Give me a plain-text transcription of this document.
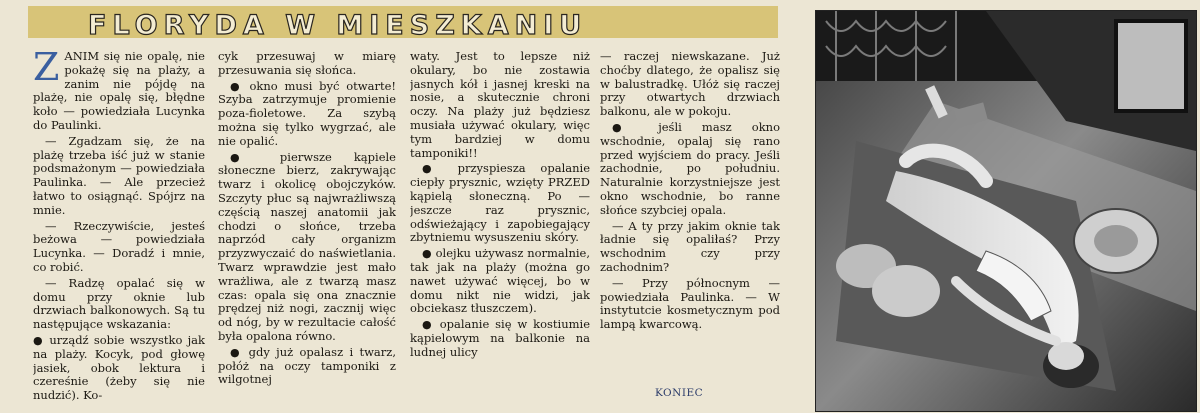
FLORYDA W MIESZKANIU

ZANIM się nie opalę, nie pokażę się na plaży, a zanim nie pójdę na plażę, nie opalę się, błędne koło — powiedziała Lucynka do Paulinki.

— Zgadzam się, że na plażę trzeba iść już w stanie podsmażonym — powiedziała Paulinka. — Ale przecież łatwo to osiągnąć. Spójrz na mnie.

— Rzeczywiście, jesteś beżowa — powiedziała Lucynka. — Doradź i mnie, co robić.

— Radzę opalać się w domu przy oknie lub drzwiach balkonowych. Są tu następujące wskazania:

● urządź sobie wszystko jak na plaży. Kocyk, pod głowę jasiek, obok lektura i czereśnie (żeby się nie nudzić). Ko-

cyk przesuwaj w miarę przesuwania się słońca.

● okno musi być otwarte! Szyba zatrzymuje promienie poza-fioletowe. Za szybą można się tylko wygrzać, ale nie opalić.

● pierwsze kąpiele słoneczne bierz, zakrywając twarz i okolicę obojczyków. Szczyty płuc są najwrażliwszą częścią naszej anatomii jak chodzi o słońce, trzeba naprzód cały organizm przyzwyczaić do naświetlania. Twarz wprawdzie jest mało wrażliwa, ale z twarzą masz czas: opala się ona znacznie prędzej niż nogi, zacznij więc od nóg, by w rezultacie całość była opalona równo.

● gdy już opalasz i twarz, połóż na oczy tamponiki z wilgotnej

waty. Jest to lepsze niż okulary, bo nie zostawia jasnych kół i jasnej kreski na nosie, a skutecznie chroni oczy. Na plaży już będziesz musiała używać okulary, więc tym bardziej w domu tamponiki!!

● przyspiesza opalanie ciepły prysznic, wzięty PRZED kąpielą słoneczną. Po — jeszcze raz prysznic, odświeżający i zapobiegający zbytniemu wysuszeniu skóry.

● olejku używasz normalnie, tak jak na plaży (można go nawet używać więcej, bo w domu nikt nie widzi, jak obciekasz tłuszczem).

● opalanie się w kostiumie kąpielowym na balkonie na ludnej ulicy

— raczej niewskazane. Już choćby dlatego, że opalisz się w balustradkę. Ułóż się raczej przy otwartych drzwiach balkonu, ale w pokoju.

● jeśli masz okno wschodnie, opalaj się rano przed wyjściem do pracy. Jeśli zachodnie, po południu. Naturalnie korzystniejsze jest okno wschodnie, bo ranne słońce szybciej opala.

— A ty przy jakim oknie tak ładnie się opaliłaś? Przy wschodnim czy przy zachodnim?

— Przy północnym — powiedziała Paulinka. — W instytutcie kosmetycznym pod lampą kwarcową.

KONIEC
